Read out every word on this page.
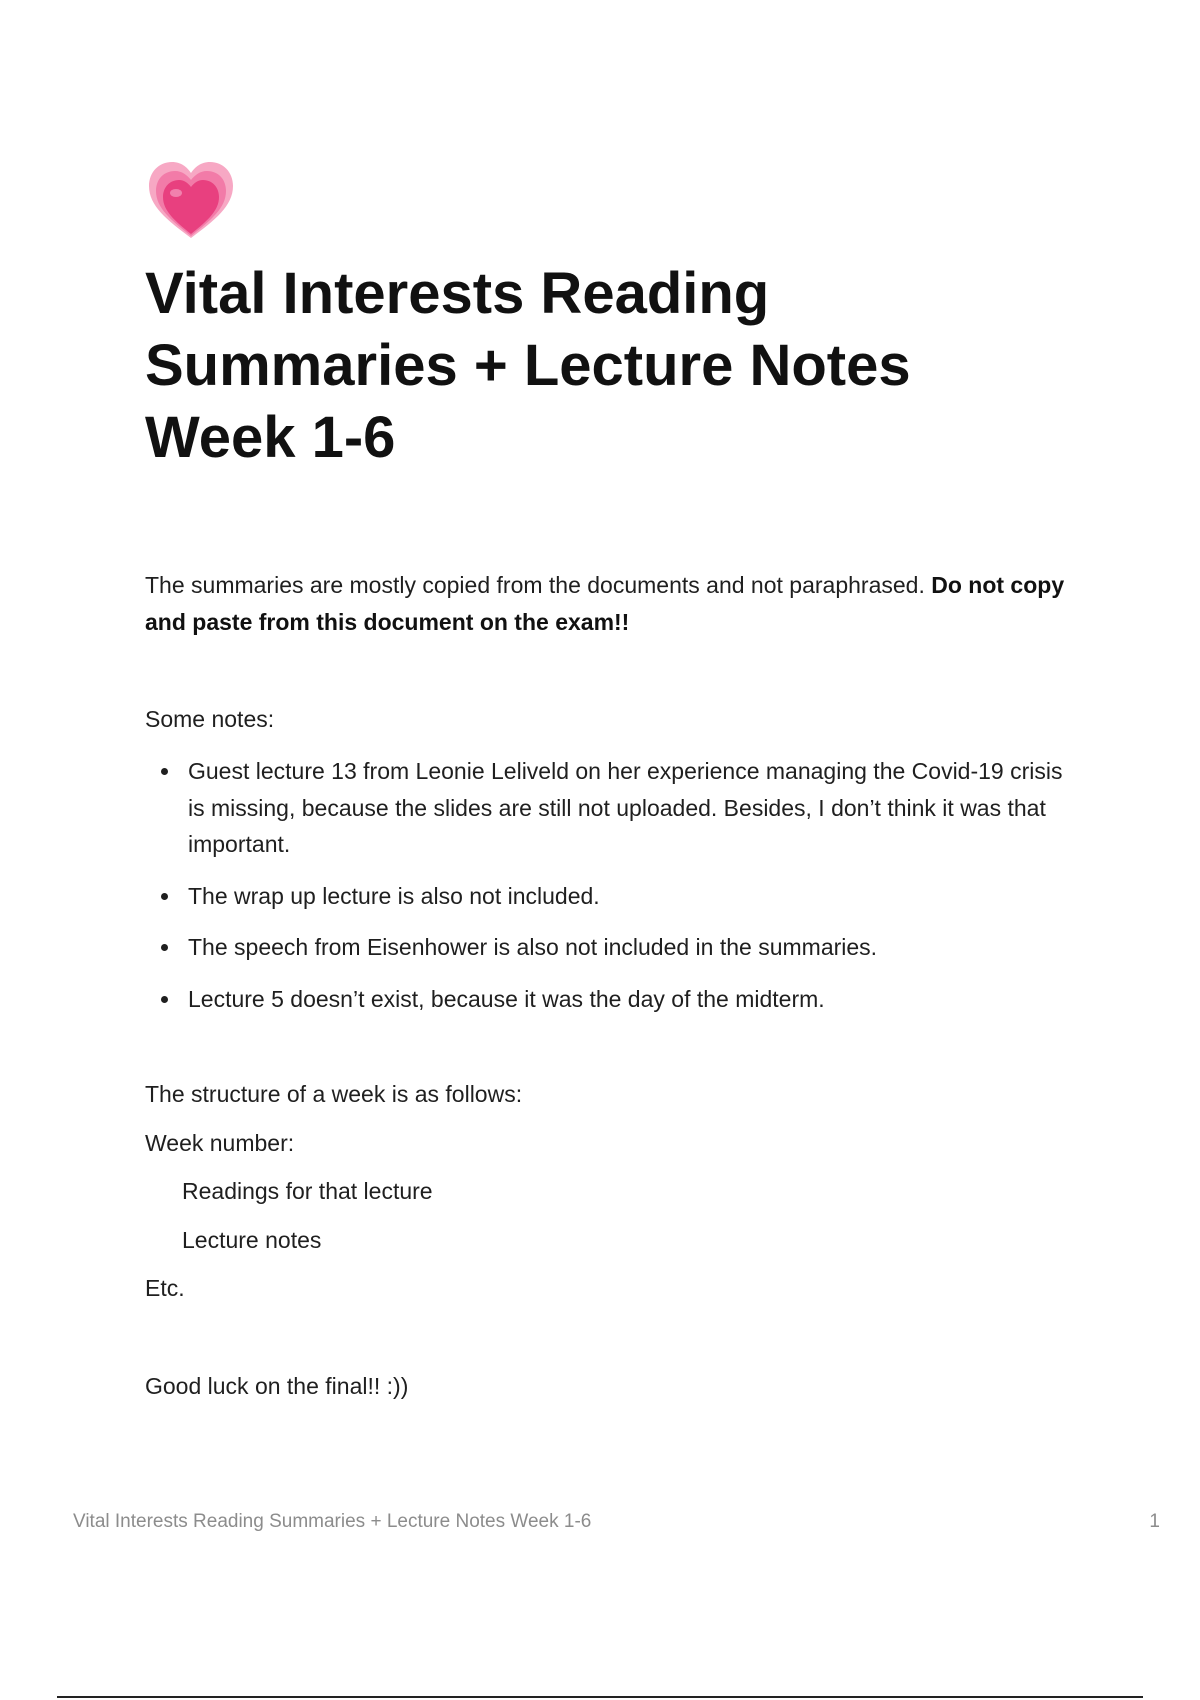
Vital Interests Reading
Summaries + Lecture Notes
Week 1-6

The summaries are mostly copied from the documents and not paraphrased. Do not copy and paste from this document on the exam!!

Some notes:

Guest lecture 13 from Leonie Leliveld on her experience managing the Covid-19 crisis is missing, because the slides are still not uploaded. Besides, I don’t think it was that important.
The wrap up lecture is also not included.
The speech from Eisenhower is also not included in the summaries.
Lecture 5 doesn’t exist, because it was the day of the midterm.
The structure of a week is as follows:
Week number:
Readings for that lecture
Lecture notes
Etc.

Good luck on the final!! :))

Vital Interests Reading Summaries + Lecture Notes Week 1-6	1
